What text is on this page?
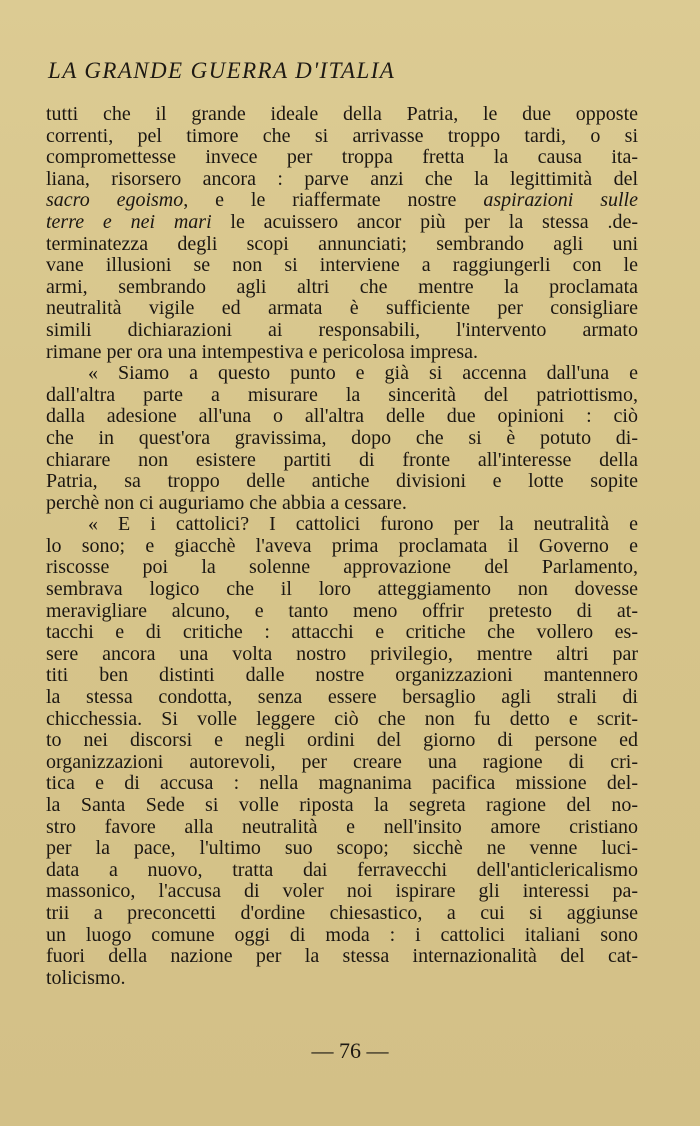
LA GRANDE GUERRA D'ITALIA
tutti che il grande ideale della Patria, le due opposte
correnti, pel timore che si arrivasse troppo tardi, o si
compromettesse invece per troppa fretta la causa ita-
liana, risorsero ancora : parve anzi che la legittimità del
sacro egoismo, e le riaffermate nostre aspirazioni sulle
terre e nei mari le acuissero ancor più per la stessa .de-
terminatezza degli scopi annunciati; sembrando agli uni
vane illusioni se non si interviene a raggiungerli con le
armi, sembrando agli altri che mentre la proclamata
neutralità vigile ed armata è sufficiente per consigliare
simili dichiarazioni ai responsabili, l'intervento armato
rimane per ora una intempestiva e pericolosa impresa.
« Siamo a questo punto e già si accenna dall'una e
dall'altra parte a misurare la sincerità del patriottismo,
dalla adesione all'una o all'altra delle due opinioni : ciò
che in quest'ora gravissima, dopo che si è potuto di-
chiarare non esistere partiti di fronte all'interesse della
Patria, sa troppo delle antiche divisioni e lotte sopite
perchè non ci auguriamo che abbia a cessare.
« E i cattolici? I cattolici furono per la neutralità e
lo sono; e giacchè l'aveva prima proclamata il Governo e
riscosse poi la solenne approvazione del Parlamento,
sembrava logico che il loro atteggiamento non dovesse
meravigliare alcuno, e tanto meno offrir pretesto di at-
tacchi e di critiche : attacchi e critiche che vollero es-
sere ancora una volta nostro privilegio, mentre altri par
titi ben distinti dalle nostre organizzazioni mantennero
la stessa condotta, senza essere bersaglio agli strali di
chicchessia. Si volle leggere ciò che non fu detto e scrit-
to nei discorsi e negli ordini del giorno di persone ed
organizzazioni autorevoli, per creare una ragione di cri-
tica e di accusa : nella magnanima pacifica missione del-
la Santa Sede si volle riposta la segreta ragione del no-
stro favore alla neutralità e nell'insito amore cristiano
per la pace, l'ultimo suo scopo; sicchè ne venne luci-
data a nuovo, tratta dai ferravecchi dell'anticlericalismo
massonico, l'accusa di voler noi ispirare gli interessi pa-
trii a preconcetti d'ordine chiesastico, a cui si aggiunse
un luogo comune oggi di moda : i cattolici italiani sono
fuori della nazione per la stessa internazionalità del cat-
tolicismo.
— 76 —
